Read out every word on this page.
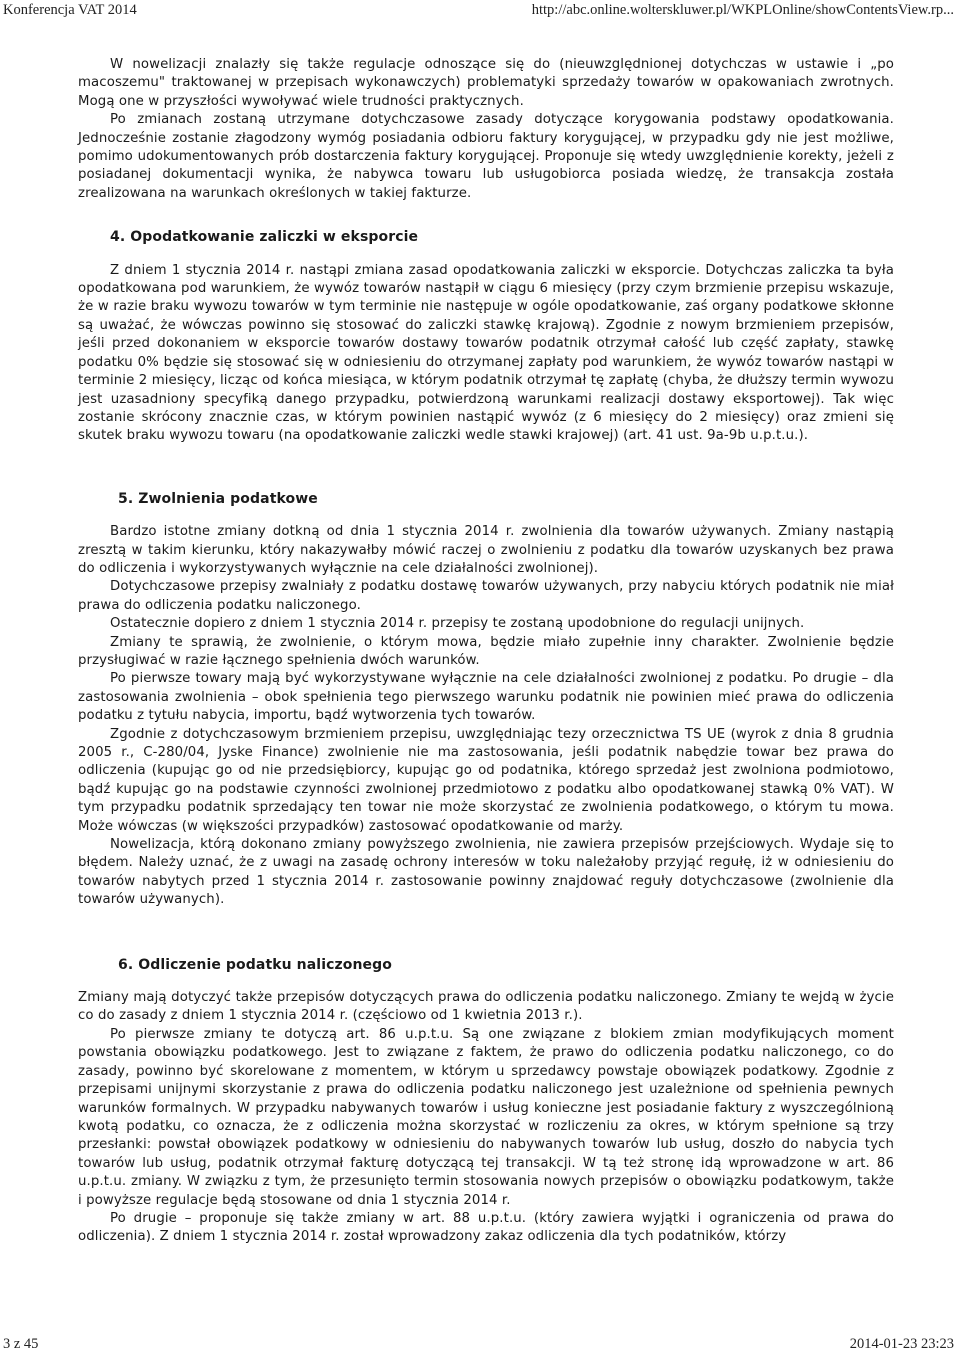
Konferencja VAT 2014	http://abc.online.wolterskluwer.pl/WKPLOnline/showContentsView.rp...

W nowelizacji znalazły się także regulacje odnoszące się do (nieuwzględnionej dotychczas w ustawie i „po macoszemu" traktowanej w przepisach wykonawczych) problematyki sprzedaży towarów w opakowaniach zwrotnych. Mogą one w przyszłości wywoływać wiele trudności praktycznych.

Po zmianach zostaną utrzymane dotychczasowe zasady dotyczące korygowania podstawy opodatkowania. Jednocześnie zostanie złagodzony wymóg posiadania odbioru faktury korygującej, w przypadku gdy nie jest możliwe, pomimo udokumentowanych prób dostarczenia faktury korygującej. Proponuje się wtedy uwzględnienie korekty, jeżeli z posiadanej dokumentacji wynika, że nabywca towaru lub usługobiorca posiada wiedzę, że transakcja została zrealizowana na warunkach określonych w takiej fakturze.

4. Opodatkowanie zaliczki w eksporcie

Z dniem 1 stycznia 2014 r. nastąpi zmiana zasad opodatkowania zaliczki w eksporcie. Dotychczas zaliczka ta była opodatkowana pod warunkiem, że wywóz towarów nastąpił w ciągu 6 miesięcy (przy czym brzmienie przepisu wskazuje, że w razie braku wywozu towarów w tym terminie nie następuje w ogóle opodatkowanie, zaś organy podatkowe skłonne są uważać, że wówczas powinno się stosować do zaliczki stawkę krajową). Zgodnie z nowym brzmieniem przepisów, jeśli przed dokonaniem w eksporcie towarów dostawy towarów podatnik otrzymał całość lub część zapłaty, stawkę podatku 0% będzie się stosować się w odniesieniu do otrzymanej zapłaty pod warunkiem, że wywóz towarów nastąpi w terminie 2 miesięcy, licząc od końca miesiąca, w którym podatnik otrzymał tę zapłatę (chyba, że dłuższy termin wywozu jest uzasadniony specyfiką danego przypadku, potwierdzoną warunkami realizacji dostawy eksportowej). Tak więc zostanie skrócony znacznie czas, w którym powinien nastąpić wywóz (z 6 miesięcy do 2 miesięcy) oraz zmieni się skutek braku wywozu towaru (na opodatkowanie zaliczki wedle stawki krajowej) (art. 41 ust. 9a-9b u.p.t.u.).

5. Zwolnienia podatkowe

Bardzo istotne zmiany dotkną od dnia 1 stycznia 2014 r. zwolnienia dla towarów używanych. Zmiany nastąpią zresztą w takim kierunku, który nakazywałby mówić raczej o zwolnieniu z podatku dla towarów uzyskanych bez prawa do odliczenia i wykorzystywanych wyłącznie na cele działalności zwolnionej).

Dotychczasowe przepisy zwalniały z podatku dostawę towarów używanych, przy nabyciu których podatnik nie miał prawa do odliczenia podatku naliczonego.

Ostatecznie dopiero z dniem 1 stycznia 2014 r. przepisy te zostaną upodobnione do regulacji unijnych.

Zmiany te sprawią, że zwolnienie, o którym mowa, będzie miało zupełnie inny charakter. Zwolnienie będzie przysługiwać w razie łącznego spełnienia dwóch warunków.

Po pierwsze towary mają być wykorzystywane wyłącznie na cele działalności zwolnionej z podatku. Po drugie – dla zastosowania zwolnienia – obok spełnienia tego pierwszego warunku podatnik nie powinien mieć prawa do odliczenia podatku z tytułu nabycia, importu, bądź wytworzenia tych towarów.

Zgodnie z dotychczasowym brzmieniem przepisu, uwzględniając tezy orzecznictwa TS UE (wyrok z dnia 8 grudnia 2005 r., C-280/04, Jyske Finance) zwolnienie nie ma zastosowania, jeśli podatnik nabędzie towar bez prawa do odliczenia (kupując go od nie przedsiębiorcy, kupując go od podatnika, którego sprzedaż jest zwolniona podmiotowo, bądź kupując go na podstawie czynności zwolnionej przedmiotowo z podatku albo opodatkowanej stawką 0% VAT). W tym przypadku podatnik sprzedający ten towar nie może skorzystać ze zwolnienia podatkowego, o którym tu mowa. Może wówczas (w większości przypadków) zastosować opodatkowanie od marży.

Nowelizacja, którą dokonano zmiany powyższego zwolnienia, nie zawiera przepisów przejściowych. Wydaje się to błędem. Należy uznać, że z uwagi na zasadę ochrony interesów w toku należałoby przyjąć regułę, iż w odniesieniu do towarów nabytych przed 1 stycznia 2014 r. zastosowanie powinny znajdować reguły dotychczasowe (zwolnienie dla towarów używanych).

6. Odliczenie podatku naliczonego

Zmiany mają dotyczyć także przepisów dotyczących prawa do odliczenia podatku naliczonego. Zmiany te wejdą w życie co do zasady z dniem 1 stycznia 2014 r. (częściowo od 1 kwietnia 2013 r.).

Po pierwsze zmiany te dotyczą art. 86 u.p.t.u. Są one związane z blokiem zmian modyfikujących moment powstania obowiązku podatkowego. Jest to związane z faktem, że prawo do odliczenia podatku naliczonego, co do zasady, powinno być skorelowane z momentem, w którym u sprzedawcy powstaje obowiązek podatkowy. Zgodnie z przepisami unijnymi skorzystanie z prawa do odliczenia podatku naliczonego jest uzależnione od spełnienia pewnych warunków formalnych. W przypadku nabywanych towarów i usług konieczne jest posiadanie faktury z wyszczególnioną kwotą podatku, co oznacza, że z odliczenia można skorzystać w rozliczeniu za okres, w którym spełnione są trzy przesłanki: powstał obowiązek podatkowy w odniesieniu do nabywanych towarów lub usług, doszło do nabycia tych towarów lub usług, podatnik otrzymał fakturę dotyczącą tej transakcji. W tą też stronę idą wprowadzone w art. 86 u.p.t.u. zmiany. W związku z tym, że przesunięto termin stosowania nowych przepisów o obowiązku podatkowym, także i powyższe regulacje będą stosowane od dnia 1 stycznia 2014 r.

Po drugie – proponuje się także zmiany w art. 88 u.p.t.u. (który zawiera wyjątki i ograniczenia od prawa do odliczenia). Z dniem 1 stycznia 2014 r. został wprowadzony zakaz odliczenia dla tych podatników, którzy

3 z 45	2014-01-23 23:23
